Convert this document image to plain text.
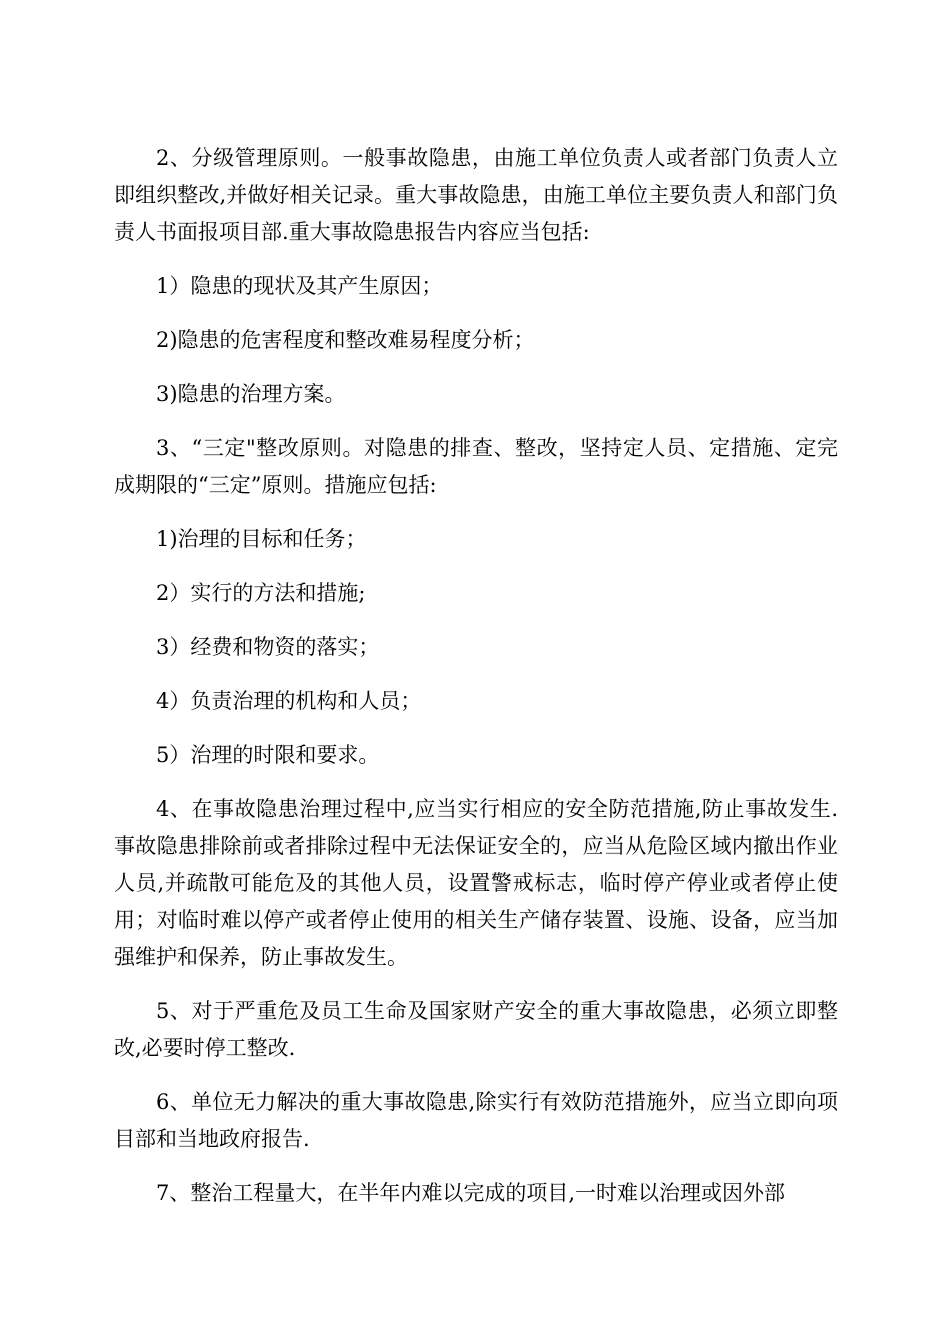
2、分级管理原则。一般事故隐患，由施工单位负责人或者部门负责人立即组织整改,并做好相关记录。重大事故隐患，由施工单位主要负责人和部门负责人书面报项目部.重大事故隐患报告内容应当包括:

1）隐患的现状及其产生原因；

2)隐患的危害程度和整改难易程度分析；

3)隐患的治理方案。

3、“三定"整改原则。对隐患的排查、整改，坚持定人员、定措施、定完成期限的“三定”原则。措施应包括:

1)治理的目标和任务；

2）实行的方法和措施;

3）经费和物资的落实；

4）负责治理的机构和人员；

5）治理的时限和要求。

4、在事故隐患治理过程中,应当实行相应的安全防范措施,防止事故发生.事故隐患排除前或者排除过程中无法保证安全的，应当从危险区域内撤出作业人员,并疏散可能危及的其他人员，设置警戒标志，临时停产停业或者停止使用；对临时难以停产或者停止使用的相关生产储存装置、设施、设备，应当加强维护和保养，防止事故发生。

5、对于严重危及员工生命及国家财产安全的重大事故隐患，必须立即整改,必要时停工整改.

6、单位无力解决的重大事故隐患,除实行有效防范措施外，应当立即向项目部和当地政府报告.

7、整治工程量大，在半年内难以完成的项目,一时难以治理或因外部
